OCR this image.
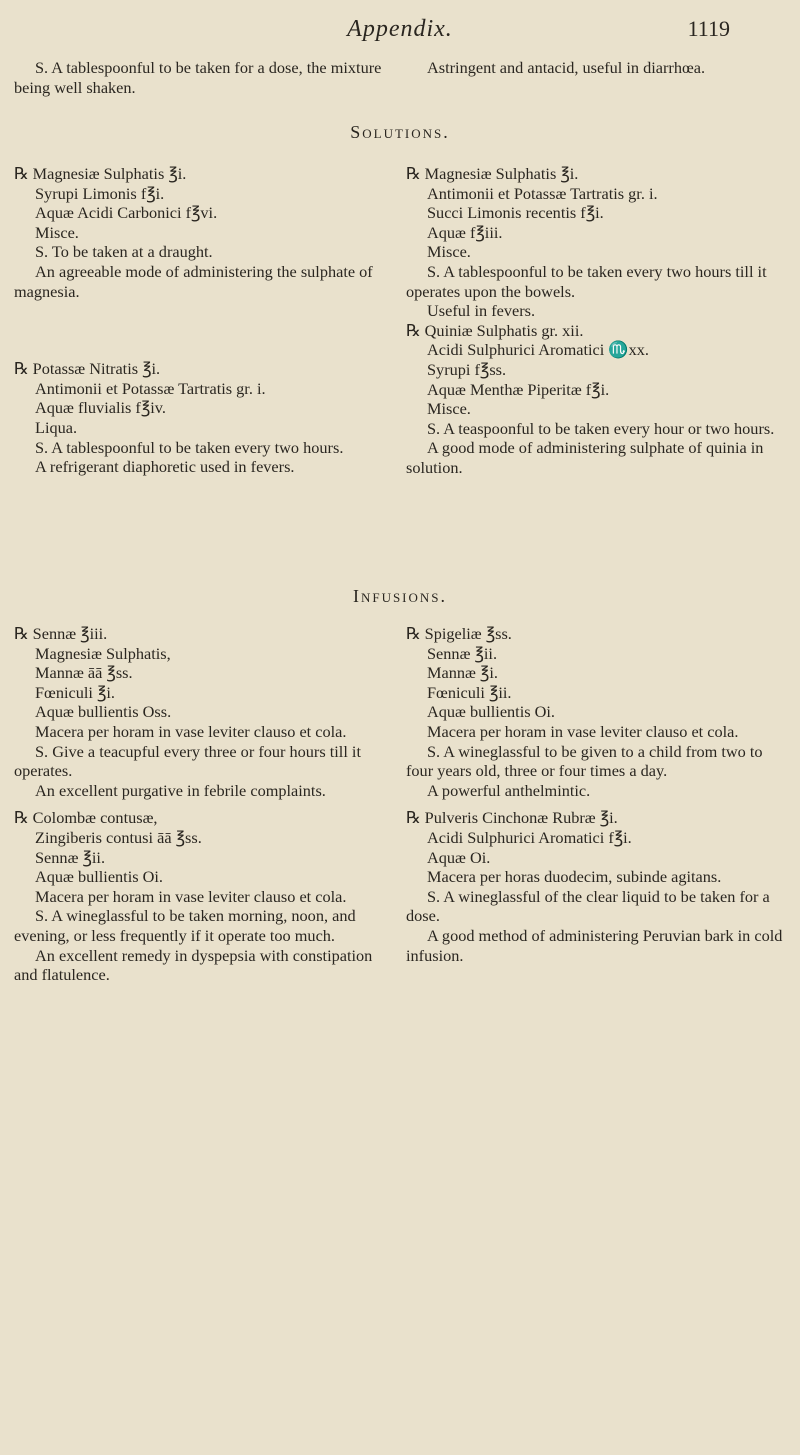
Appendix.	1119

S. A tablespoonful to be taken for a dose, the mixture being well shaken.

Astringent and antacid, useful in diarrhœa.

Solutions.

℞ Magnesiæ Sulphatis ℥i.

Syrupi Limonis f℥i.

Aquæ Acidi Carbonici f℥vi.

Misce.

S. To be taken at a draught.

An agreeable mode of administering the sulphate of magnesia.

℞ Potassæ Nitratis ℥i.

Antimonii et Potassæ Tartratis gr. i.

Aquæ fluvialis f℥iv.

Liqua.

S. A tablespoonful to be taken every two hours.

A refrigerant diaphoretic used in fevers.

℞ Magnesiæ Sulphatis ℥i.

Antimonii et Potassæ Tartratis gr. i.

Succi Limonis recentis f℥i.

Aquæ f℥iii.

Misce.

S. A tablespoonful to be taken every two hours till it operates upon the bowels.

Useful in fevers.

℞ Quiniæ Sulphatis gr. xii.

Acidi Sulphurici Aromatici ♏xx.

Syrupi f℥ss.

Aquæ Menthæ Piperitæ f℥i.

Misce.

S. A teaspoonful to be taken every hour or two hours.

A good mode of administering sulphate of quinia in solution.

Infusions.

℞ Sennæ ℥iii.

Magnesiæ Sulphatis,

Mannæ āā ℥ss.

Fœniculi ℥i.

Aquæ bullientis Oss.

Macera per horam in vase leviter clauso et cola.

S. Give a teacupful every three or four hours till it operates.

An excellent purgative in febrile complaints.

℞ Colombæ contusæ,

Zingiberis contusi āā ℥ss.

Sennæ ℥ii.

Aquæ bullientis Oi.

Macera per horam in vase leviter clauso et cola.

S. A wineglassful to be taken morning, noon, and evening, or less frequently if it operate too much.

An excellent remedy in dyspepsia with constipation and flatulence.

℞ Spigeliæ ℥ss.

Sennæ ℥ii.

Mannæ ℥i.

Fœniculi ℥ii.

Aquæ bullientis Oi.

Macera per horam in vase leviter clauso et cola.

S. A wineglassful to be given to a child from two to four years old, three or four times a day.

A powerful anthelmintic.

℞ Pulveris Cinchonæ Rubræ ℥i.

Acidi Sulphurici Aromatici f℥i.

Aquæ Oi.

Macera per horas duodecim, subinde agitans.

S. A wineglassful of the clear liquid to be taken for a dose.

A good method of administering Peruvian bark in cold infusion.
